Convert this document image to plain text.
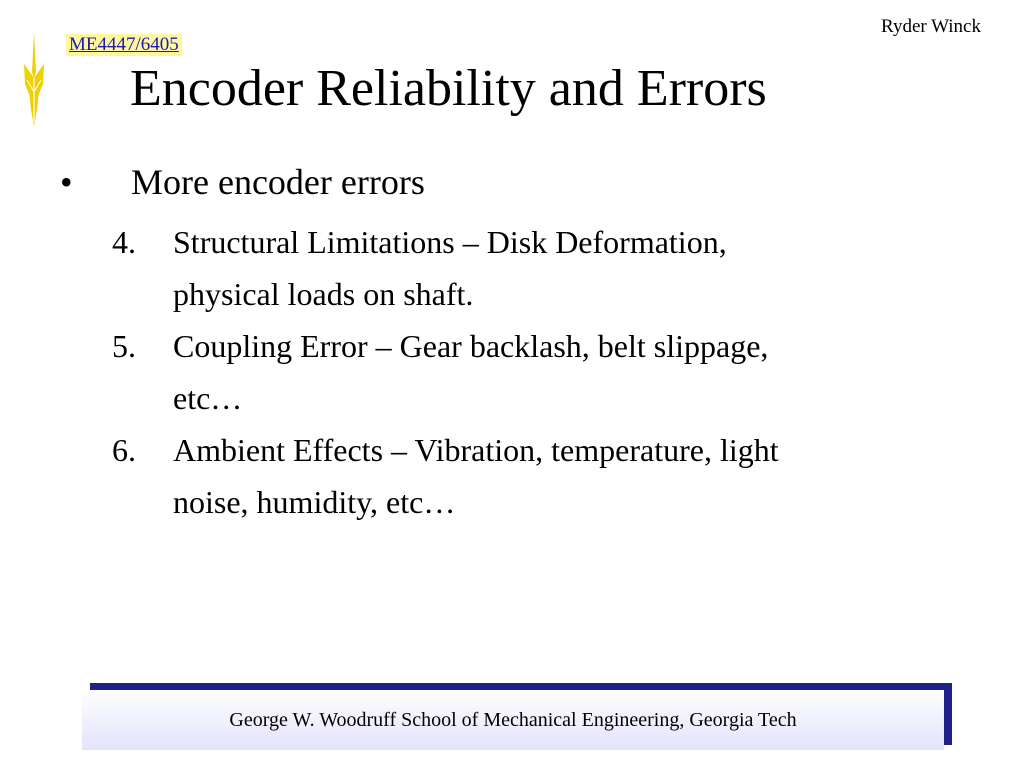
ME4447/6405
Ryder Winck
Encoder Reliability and Errors
• More encoder errors
4. Structural Limitations – Disk Deformation,
physical loads on shaft.
5. Coupling Error – Gear backlash, belt slippage,
etc…
6. Ambient Effects – Vibration, temperature, light
noise, humidity, etc…
George W. Woodruff School of Mechanical Engineering, Georgia Tech
